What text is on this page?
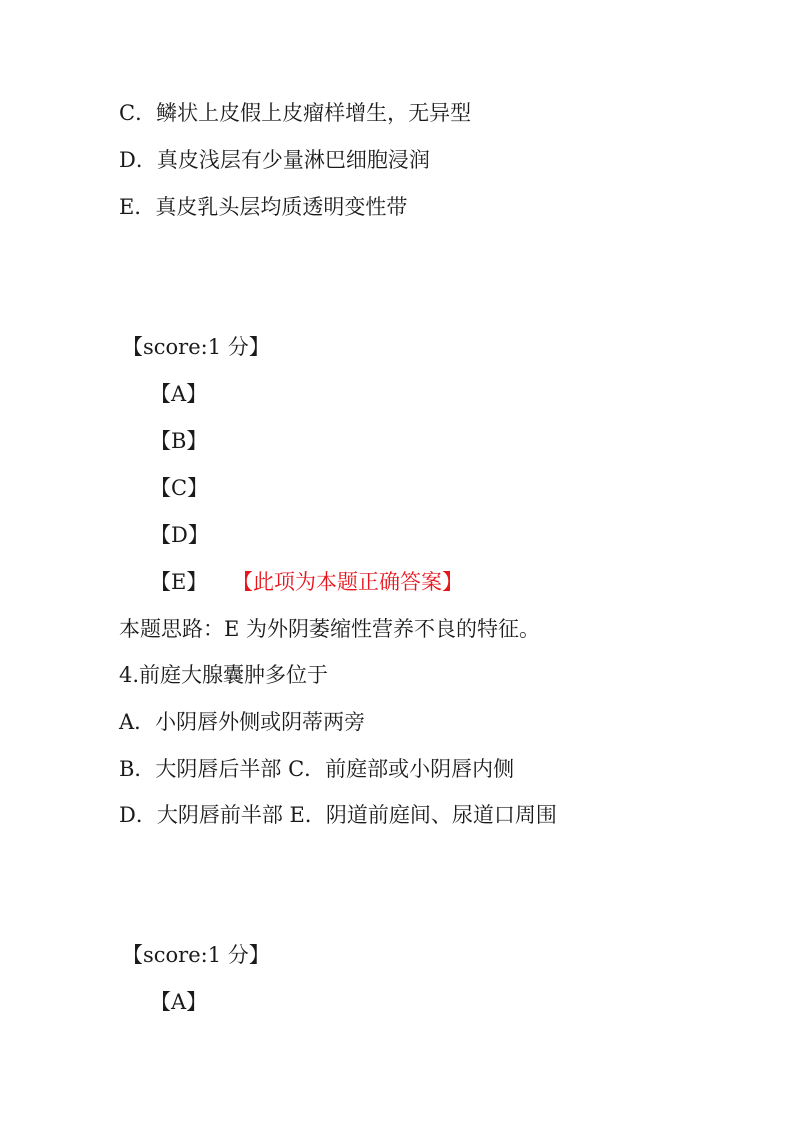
C．鳞状上皮假上皮瘤样增生，无异型
D．真皮浅层有少量淋巴细胞浸润
E．真皮乳头层均质透明变性带
【score:1 分】
【A】
【B】
【C】
【D】
【E】 【此项为本题正确答案】
本题思路：E 为外阴萎缩性营养不良的特征。
4.前庭大腺囊肿多位于
A．小阴唇外侧或阴蒂两旁
B．大阴唇后半部 C．前庭部或小阴唇内侧
D．大阴唇前半部 E．阴道前庭间、尿道口周围
【score:1 分】
【A】
